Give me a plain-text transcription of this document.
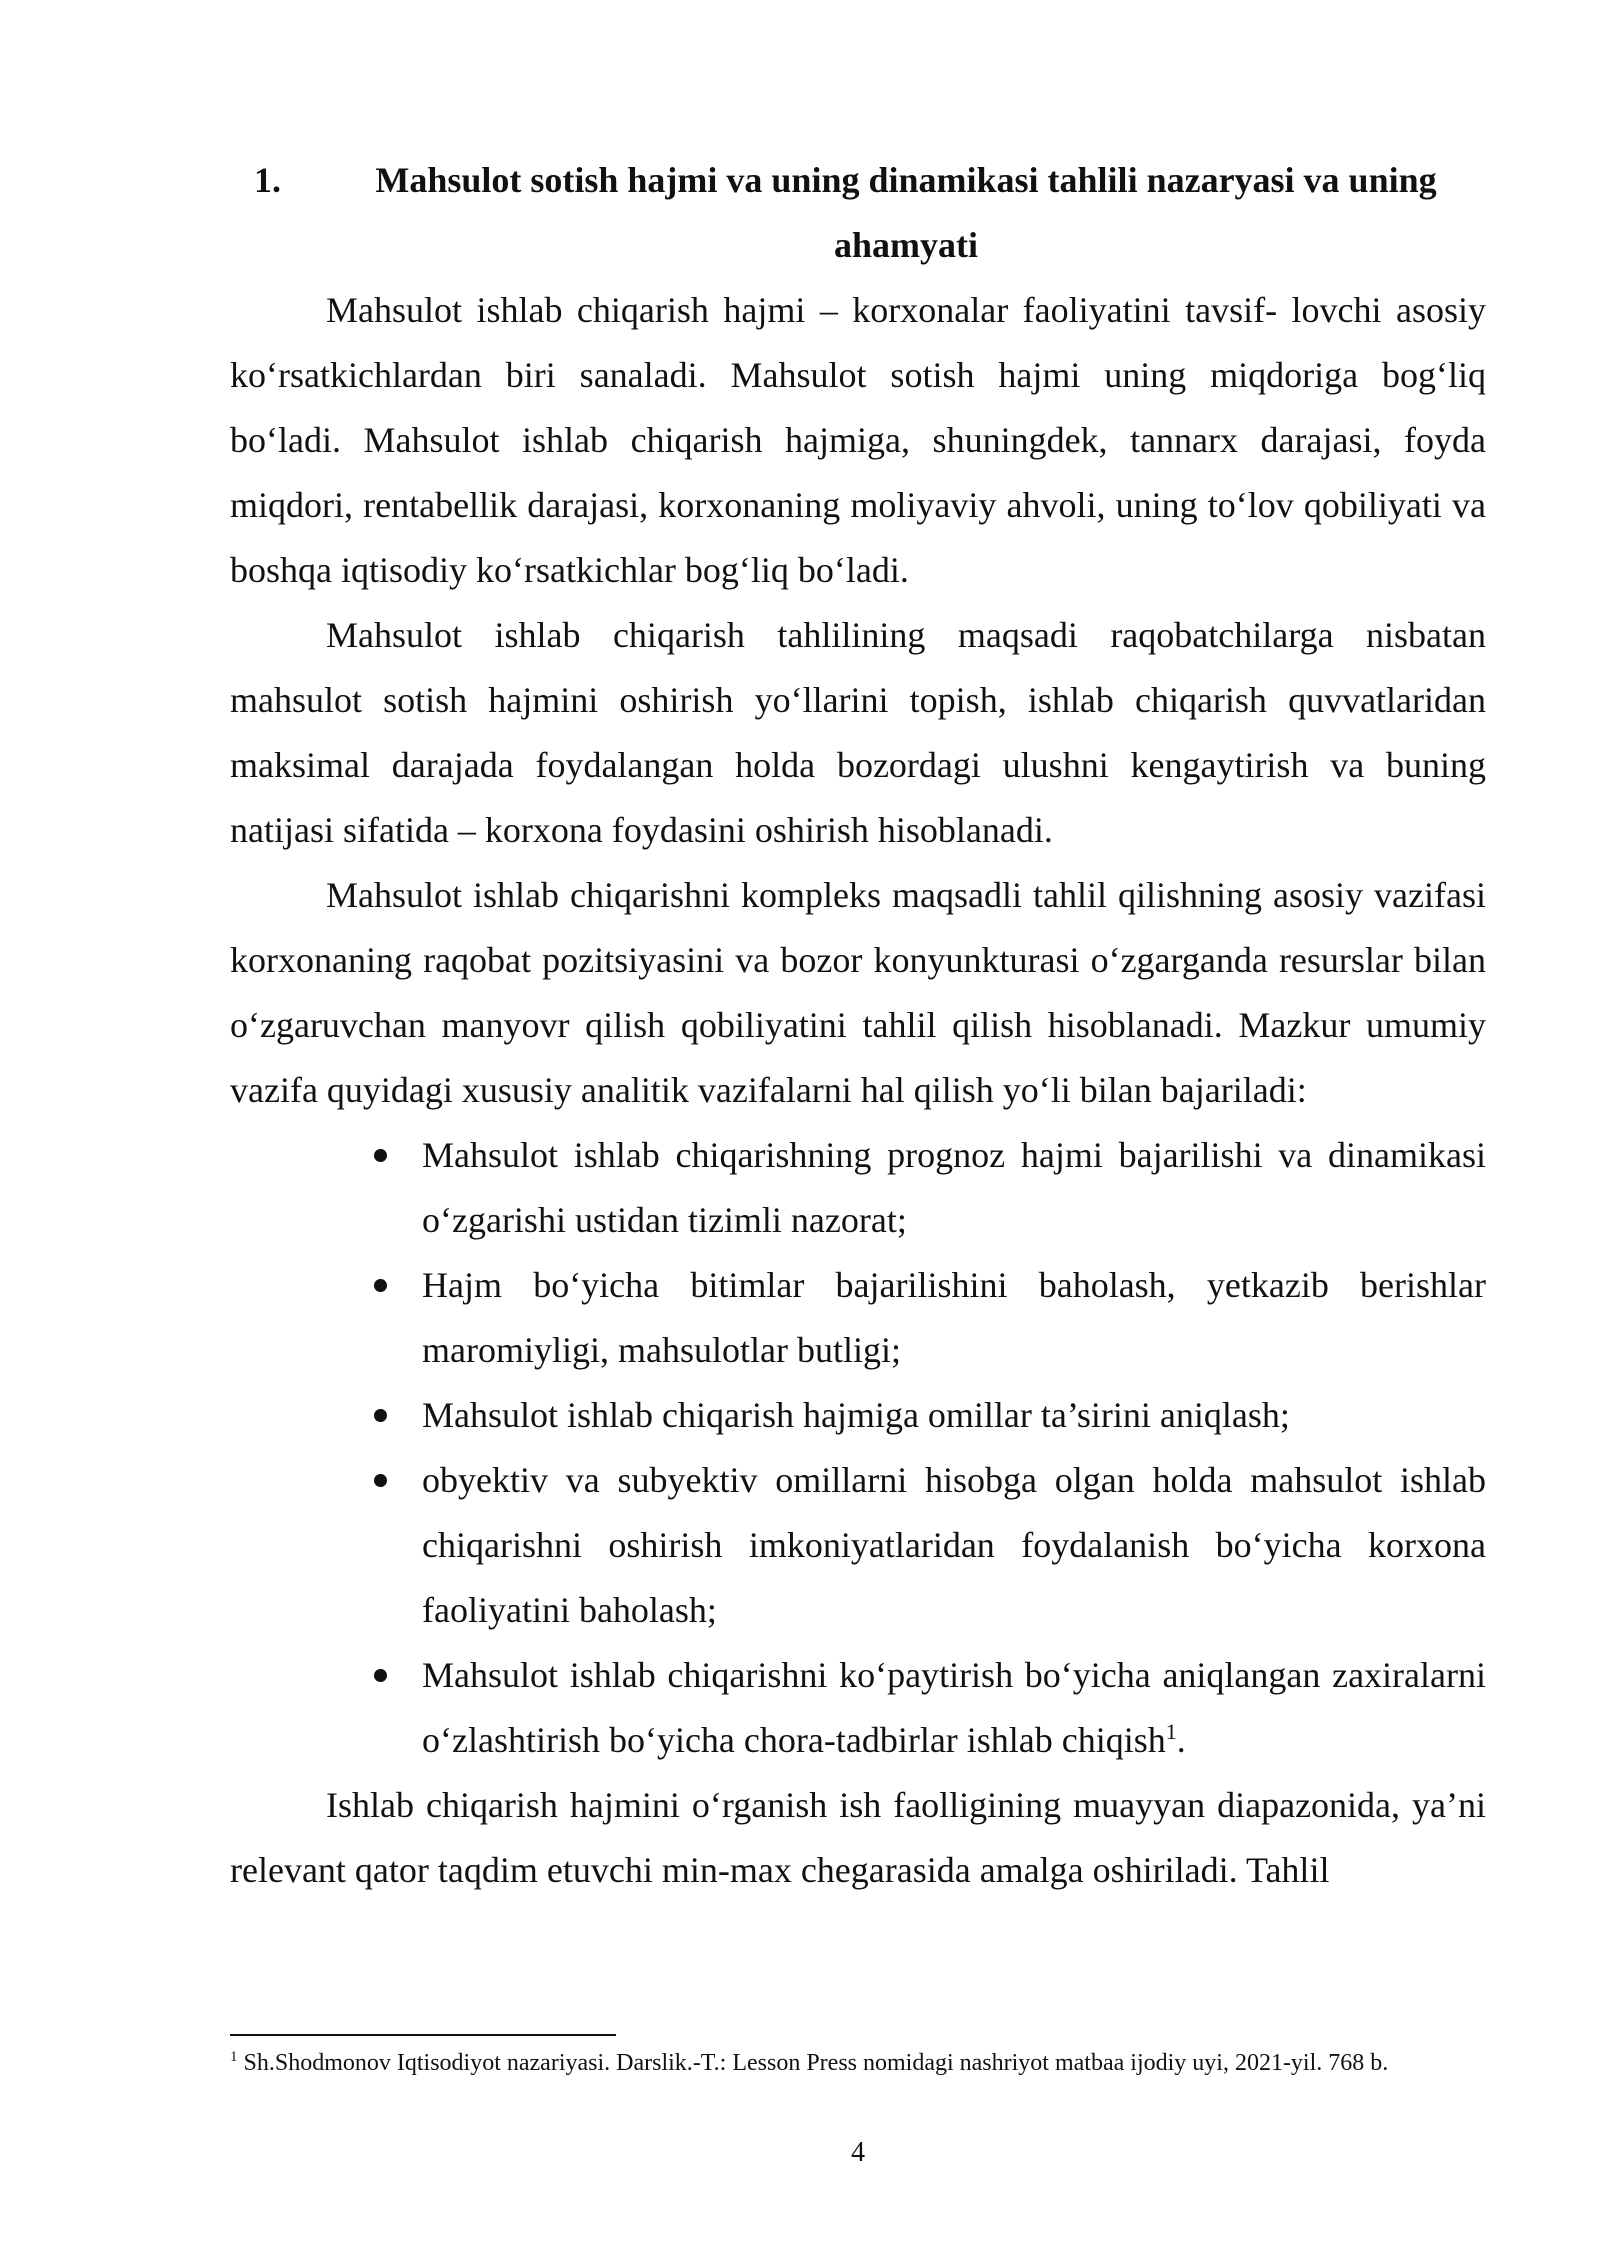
1.	Mahsulot sotish hajmi va uning dinamikasi tahlili nazaryasi va uning ahamyati

Mahsulot ishlab chiqarish hajmi – korxonalar faoliyatini tavsif- lovchi asosiy ko‘rsatkichlardan biri sanaladi. Mahsulot sotish hajmi uning miqdoriga bog‘liq bo‘ladi. Mahsulot ishlab chiqarish hajmiga, shuningdek, tannarx darajasi, foyda miqdori, rentabellik darajasi, korxonaning moliyaviy ahvoli, uning to‘lov qobiliyati va boshqa iqtisodiy ko‘rsatkichlar bog‘liq bo‘ladi.

Mahsulot ishlab chiqarish tahlilining maqsadi raqobatchilarga nisbatan mahsulot sotish hajmini oshirish yo‘llarini topish, ishlab chiqarish quvvatlaridan maksimal darajada foydalangan holda bozordagi ulushni kengaytirish va buning natijasi sifatida – korxona foydasini oshirish hisoblanadi.

Mahsulot ishlab chiqarishni kompleks maqsadli tahlil qilishning asosiy vazifasi korxonaning raqobat pozitsiyasini va bozor konyunkturasi o‘zgarganda resurslar bilan o‘zgaruvchan manyovr qilish qobiliyatini tahlil qilish hisoblanadi. Mazkur umumiy vazifa quyidagi xususiy analitik vazifalarni hal qilish yo‘li bilan bajariladi:

Mahsulot ishlab chiqarishning prognoz hajmi bajarilishi va dinamikasi o‘zgarishi ustidan tizimli nazorat;
Hajm bo‘yicha bitimlar bajarilishini baholash, yetkazib berishlar maromiyligi, mahsulotlar butligi;
Mahsulot ishlab chiqarish hajmiga omillar ta’sirini aniqlash;
obyektiv va subyektiv omillarni hisobga olgan holda mahsulot ishlab chiqarishni oshirish imkoniyatlaridan foydalanish bo‘yicha korxona faoliyatini baholash;
Mahsulot ishlab chiqarishni ko‘paytirish bo‘yicha aniqlangan zaxiralarni o‘zlashtirish bo‘yicha chora-tadbirlar ishlab chiqish$^1$.

Ishlab chiqarish hajmini o‘rganish ish faolligining muayyan diapazonida, ya’ni relevant qator taqdim etuvchi min-max chegarasida amalga oshiriladi. Tahlil

$^1$ Sh.Shodmonov Iqtisodiyot nazariyasi. Darslik.-T.: Lesson Press nomidagi nashriyot matbaa ijodiy uyi, 2021-yil. 768 b.
4
